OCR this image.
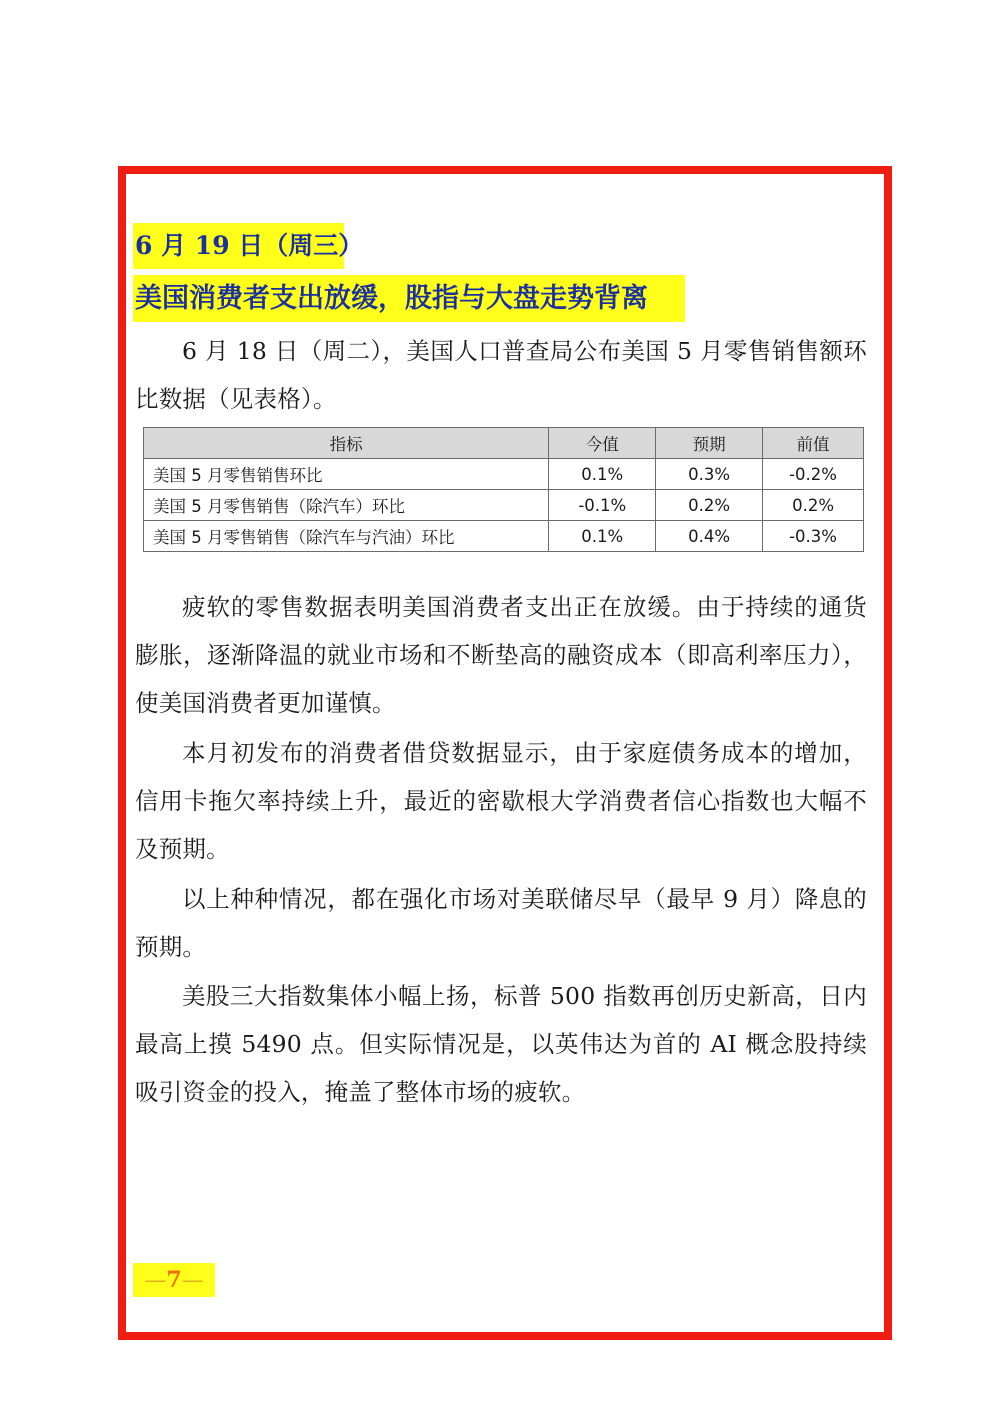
6 月 19 日（周三）
美国消费者支出放缓，股指与大盘走势背离

6 月 18 日（周二），美国人口普查局公布美国 5 月零售销售额环比数据（见表格）。

指标	今值	预期	前值
美国 5 月零售销售环比	0.1%	0.3%	-0.2%
美国 5 月零售销售（除汽车）环比	-0.1%	0.2%	0.2%
美国 5 月零售销售（除汽车与汽油）环比	0.1%	0.4%	-0.3%

疲软的零售数据表明美国消费者支出正在放缓。由于持续的通货膨胀，逐渐降温的就业市场和不断垫高的融资成本（即高利率压力），使美国消费者更加谨慎。

本月初发布的消费者借贷数据显示，由于家庭债务成本的增加，信用卡拖欠率持续上升，最近的密歇根大学消费者信心指数也大幅不及预期。

以上种种情况，都在强化市场对美联储尽早（最早 9 月）降息的预期。

美股三大指数集体小幅上扬，标普 500 指数再创历史新高，日内最高上摸 5490 点。但实际情况是，以英伟达为首的 AI 概念股持续吸引资金的投入，掩盖了整体市场的疲软。

—7—
